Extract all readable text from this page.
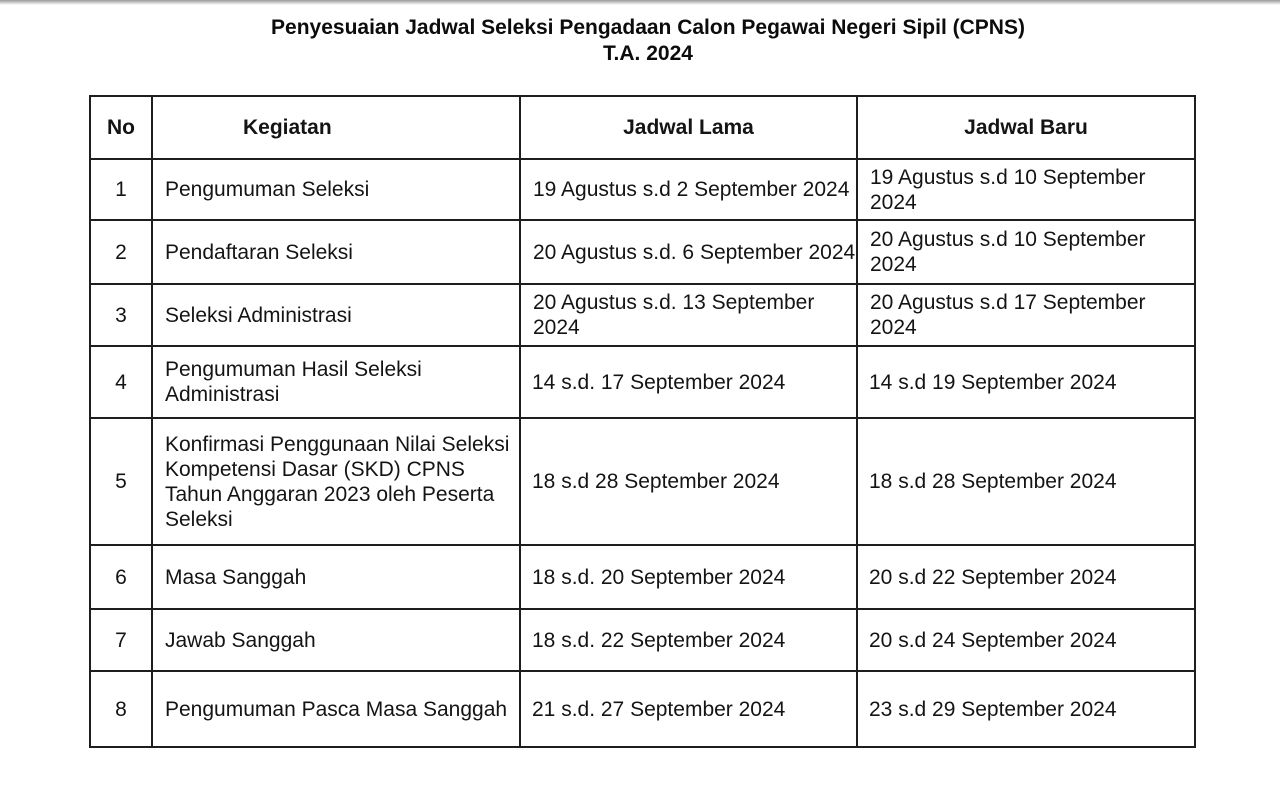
Penyesuaian Jadwal Seleksi Pengadaan Calon Pegawai Negeri Sipil (CPNS)
T.A. 2024
No	Kegiatan	Jadwal Lama	Jadwal Baru
1	Pengumuman Seleksi	19 Agustus s.d 2 September 2024	19 Agustus s.d 10 September 2024
2	Pendaftaran Seleksi	20 Agustus s.d. 6 September 2024	20 Agustus s.d 10 September 2024
3	Seleksi Administrasi	20 Agustus s.d. 13 September 2024	20 Agustus s.d 17 September 2024
4	Pengumuman Hasil Seleksi Administrasi	14 s.d. 17 September 2024	14 s.d 19 September 2024
5	Konfirmasi Penggunaan Nilai Seleksi Kompetensi Dasar (SKD) CPNS Tahun Anggaran 2023 oleh Peserta Seleksi	18 s.d 28 September 2024	18 s.d 28 September 2024
6	Masa Sanggah	18 s.d. 20 September 2024	20 s.d 22 September 2024
7	Jawab Sanggah	18 s.d. 22 September 2024	20 s.d 24 September 2024
8	Pengumuman Pasca Masa Sanggah	21 s.d. 27 September 2024	23 s.d 29 September 2024
